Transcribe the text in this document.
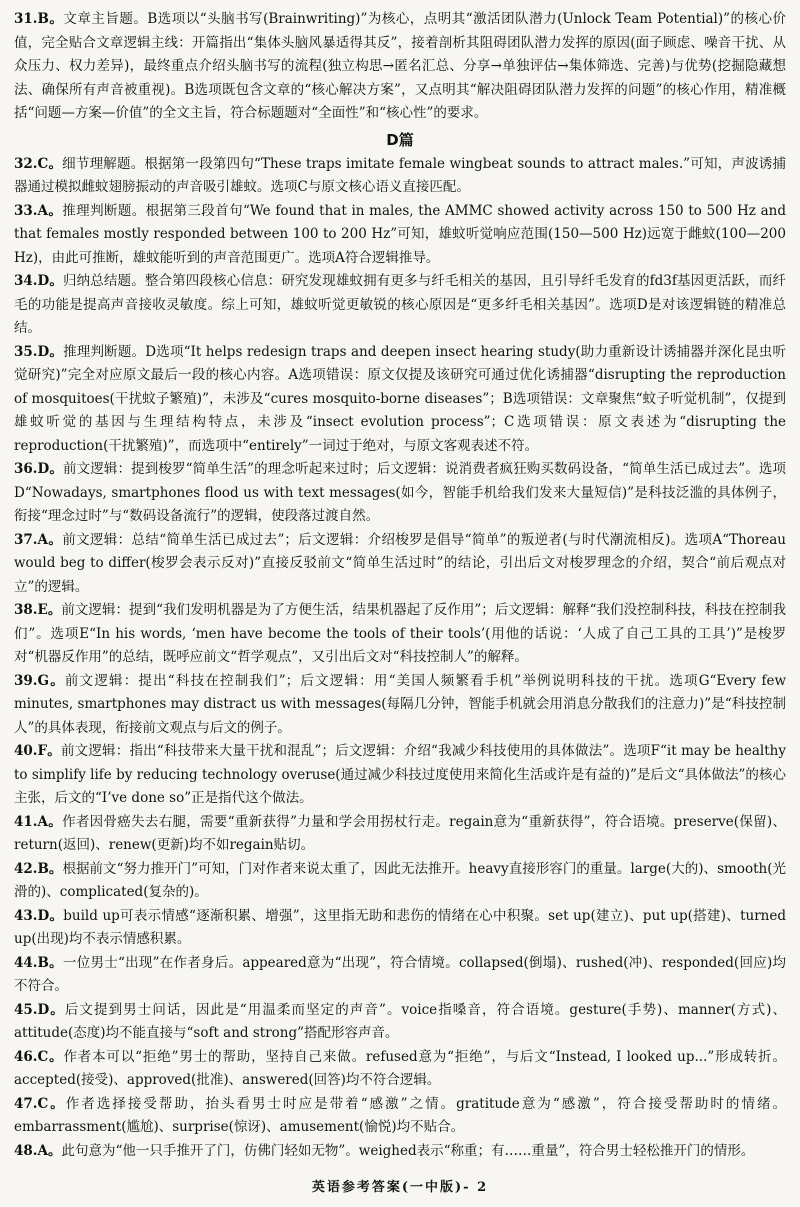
31.B。文章主旨题。B选项以“头脑书写(Brainwriting)”为核心，点明其“激活团队潜力(Unlock Team Potential)”的核心价值，完全贴合文章逻辑主线：开篇指出“集体头脑风暴适得其反”，接着剖析其阻碍团队潜力发挥的原因(面子顾虑、噪音干扰、从众压力、权力差异)，最终重点介绍头脑书写的流程(独立构思→匿名汇总、分享→单独评估→集体筛选、完善)与优势(挖掘隐藏想法、确保所有声音被重视)。B选项既包含文章的“核心解决方案”，又点明其“解决阻碍团队潜力发挥的问题”的核心作用，精准概括“问题—方案—价值”的全文主旨，符合标题题对“全面性”和“核心性”的要求。

D篇

32.C。细节理解题。根据第一段第四句“These traps imitate female wingbeat sounds to attract males.”可知，声波诱捕器通过模拟雌蚊翅膀振动的声音吸引雄蚊。选项C与原文核心语义直接匹配。

33.A。推理判断题。根据第三段首句“We found that in males, the AMMC showed activity across 150 to 500 Hz and that females mostly responded between 100 to 200 Hz”可知，雄蚊听觉响应范围(150—500 Hz)远宽于雌蚊(100—200 Hz)，由此可推断，雄蚊能听到的声音范围更广。选项A符合逻辑推导。

34.D。归纳总结题。整合第四段核心信息：研究发现雄蚊拥有更多与纤毛相关的基因，且引导纤毛发育的fd3f基因更活跃，而纤毛的功能是提高声音接收灵敏度。综上可知，雄蚊听觉更敏锐的核心原因是“更多纤毛相关基因”。选项D是对该逻辑链的精准总结。

35.D。推理判断题。D选项“It helps redesign traps and deepen insect hearing study(助力重新设计诱捕器并深化昆虫听觉研究)”完全对应原文最后一段的核心内容。A选项错误：原文仅提及该研究可通过优化诱捕器“disrupting the reproduction of mosquitoes(干扰蚊子繁殖)”，未涉及“cures mosquito-borne diseases”；B选项错误：文章聚焦“蚊子听觉机制”，仅提到雄蚊听觉的基因与生理结构特点，未涉及“insect evolution process”；C选项错误：原文表述为“disrupting the reproduction(干扰繁殖)”，而选项中“entirely”一词过于绝对，与原文客观表述不符。

36.D。前文逻辑：提到梭罗“简单生活”的理念听起来过时；后文逻辑：说消费者疯狂购买数码设备，“简单生活已成过去”。选项D“Nowadays, smartphones flood us with text messages(如今，智能手机给我们发来大量短信)”是科技泛滥的具体例子，衔接“理念过时”与“数码设备流行”的逻辑，使段落过渡自然。

37.A。前文逻辑：总结“简单生活已成过去”；后文逻辑：介绍梭罗是倡导“简单”的叛逆者(与时代潮流相反)。选项A“Thoreau would beg to differ(梭罗会表示反对)”直接反驳前文“简单生活过时”的结论，引出后文对梭罗理念的介绍，契合“前后观点对立”的逻辑。

38.E。前文逻辑：提到“我们发明机器是为了方便生活，结果机器起了反作用”；后文逻辑：解释“我们没控制科技，科技在控制我们”。选项E“In his words, ‘men have become the tools of their tools’(用他的话说：‘人成了自己工具的工具’)”是梭罗对“机器反作用”的总结，既呼应前文“哲学观点”，又引出后文对“科技控制人”的解释。

39.G。前文逻辑：提出“科技在控制我们”；后文逻辑：用“美国人频繁看手机”举例说明科技的干扰。选项G“Every few minutes, smartphones may distract us with messages(每隔几分钟，智能手机就会用消息分散我们的注意力)”是“科技控制人”的具体表现，衔接前文观点与后文的例子。

40.F。前文逻辑：指出“科技带来大量干扰和混乱”；后文逻辑：介绍“我减少科技使用的具体做法”。选项F“it may be healthy to simplify life by reducing technology overuse(通过减少科技过度使用来简化生活或许是有益的)”是后文“具体做法”的核心主张，后文的“I’ve done so”正是指代这个做法。

41.A。作者因骨癌失去右腿，需要“重新获得”力量和学会用拐杖行走。regain意为“重新获得”，符合语境。preserve(保留)、return(返回)、renew(更新)均不如regain贴切。

42.B。根据前文“努力推开门”可知，门对作者来说太重了，因此无法推开。heavy直接形容门的重量。large(大的)、smooth(光滑的)、complicated(复杂的)。

43.D。build up可表示情感“逐渐积累、增强”，这里指无助和悲伤的情绪在心中积聚。set up(建立)、put up(搭建)、turned up(出现)均不表示情感积累。

44.B。一位男士“出现”在作者身后。appeared意为“出现”，符合情境。collapsed(倒塌)、rushed(冲)、responded(回应)均不符合。

45.D。后文提到男士问话，因此是“用温柔而坚定的声音”。voice指嗓音，符合语境。gesture(手势)、manner(方式)、attitude(态度)均不能直接与“soft and strong”搭配形容声音。

46.C。作者本可以“拒绝”男士的帮助，坚持自己来做。refused意为“拒绝”，与后文“Instead, I looked up...”形成转折。accepted(接受)、approved(批准)、answered(回答)均不符合逻辑。

47.C。作者选择接受帮助，抬头看男士时应是带着“感激”之情。gratitude意为“感激”，符合接受帮助时的情绪。embarrassment(尴尬)、surprise(惊讶)、amusement(愉悦)均不贴合。

48.A。此句意为“他一只手推开了门，仿佛门轻如无物”。weighed表示“称重；有……重量”，符合男士轻松推开门的情形。

英语参考答案(一中版)- 2
